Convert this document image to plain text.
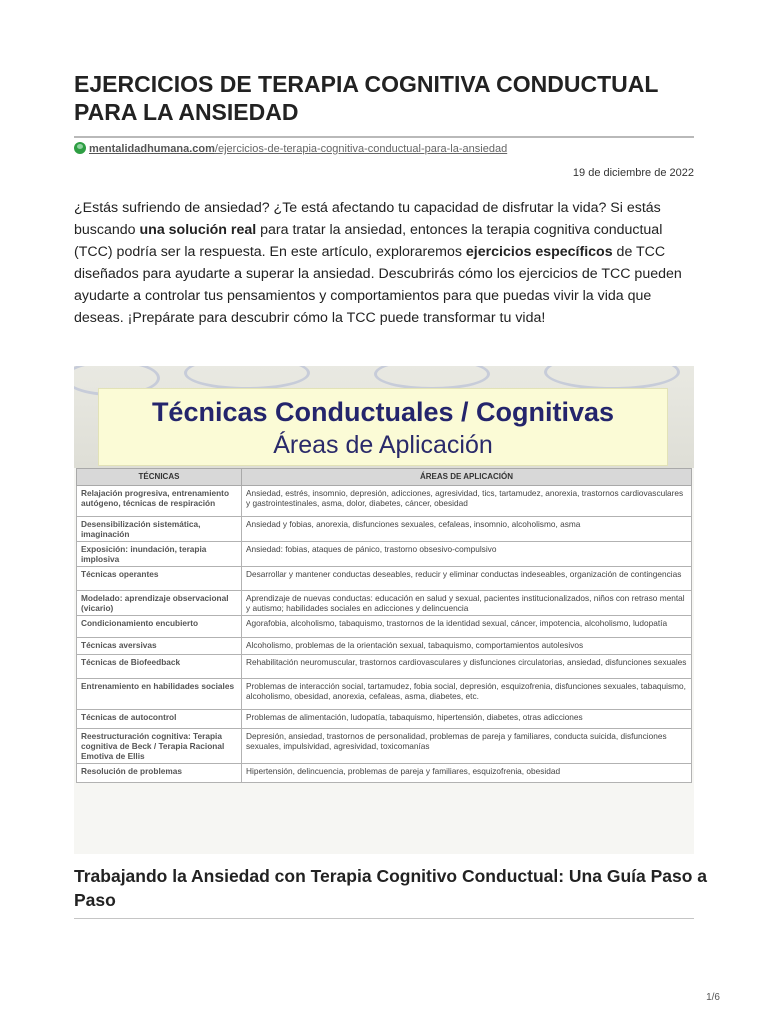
EJERCICIOS DE TERAPIA COGNITIVA CONDUCTUAL PARA LA ANSIEDAD
mentalidadhumana.com/ejercicios-de-terapia-cognitiva-conductual-para-la-ansiedad
19 de diciembre de 2022

¿Estás sufriendo de ansiedad? ¿Te está afectando tu capacidad de disfrutar la vida? Si estás buscando una solución real para tratar la ansiedad, entonces la terapia cognitiva conductual (TCC) podría ser la respuesta. En este artículo, exploraremos ejercicios específicos de TCC diseñados para ayudarte a superar la ansiedad. Descubrirás cómo los ejercicios de TCC pueden ayudarte a controlar tus pensamientos y comportamientos para que puedas vivir la vida que deseas. ¡Prepárate para descubrir cómo la TCC puede transformar tu vida!

Técnicas Conductuales / Cognitivas
Áreas de Aplicación
TÉCNICAS	ÁREAS DE APLICACIÓN
Relajación progresiva, entrenamiento autógeno, técnicas de respiración	Ansiedad, estrés, insomnio, depresión, adicciones, agresividad, tics, tartamudez, anorexia, trastornos cardiovasculares y gastrointestinales, asma, dolor, diabetes, cáncer, obesidad
Desensibilización sistemática, imaginación	Ansiedad y fobias, anorexia, disfunciones sexuales, cefaleas, insomnio, alcoholismo, asma
Exposición: inundación, terapia implosiva	Ansiedad: fobias, ataques de pánico, trastorno obsesivo-compulsivo
Técnicas operantes	Desarrollar y mantener conductas deseables, reducir y eliminar conductas indeseables, organización de contingencias
Modelado: aprendizaje observacional (vicario)	Aprendizaje de nuevas conductas: educación en salud y sexual, pacientes institucionalizados, niños con retraso mental y autismo; habilidades sociales en adicciones y delincuencia
Condicionamiento encubierto	Agorafobia, alcoholismo, tabaquismo, trastornos de la identidad sexual, cáncer, impotencia, alcoholismo, ludopatía
Técnicas aversivas	Alcoholismo, problemas de la orientación sexual, tabaquismo, comportamientos autolesivos
Técnicas de Biofeedback	Rehabilitación neuromuscular, trastornos cardiovasculares y disfunciones circulatorias, ansiedad, disfunciones sexuales
Entrenamiento en habilidades sociales	Problemas de interacción social, tartamudez, fobia social, depresión, esquizofrenia, disfunciones sexuales, tabaquismo, alcoholismo, obesidad, anorexia, cefaleas, asma, diabetes, etc.
Técnicas de autocontrol	Problemas de alimentación, ludopatía, tabaquismo, hipertensión, diabetes, otras adicciones
Reestructuración cognitiva: Terapia cognitiva de Beck / Terapia Racional Emotiva de Ellis	Depresión, ansiedad, trastornos de personalidad, problemas de pareja y familiares, conducta suicida, disfunciones sexuales, impulsividad, agresividad, toxicomanías
Resolución de problemas	Hipertensión, delincuencia, problemas de pareja y familiares, esquizofrenia, obesidad
Trabajando la Ansiedad con Terapia Cognitivo Conductual: Una Guía Paso a Paso
1/6
